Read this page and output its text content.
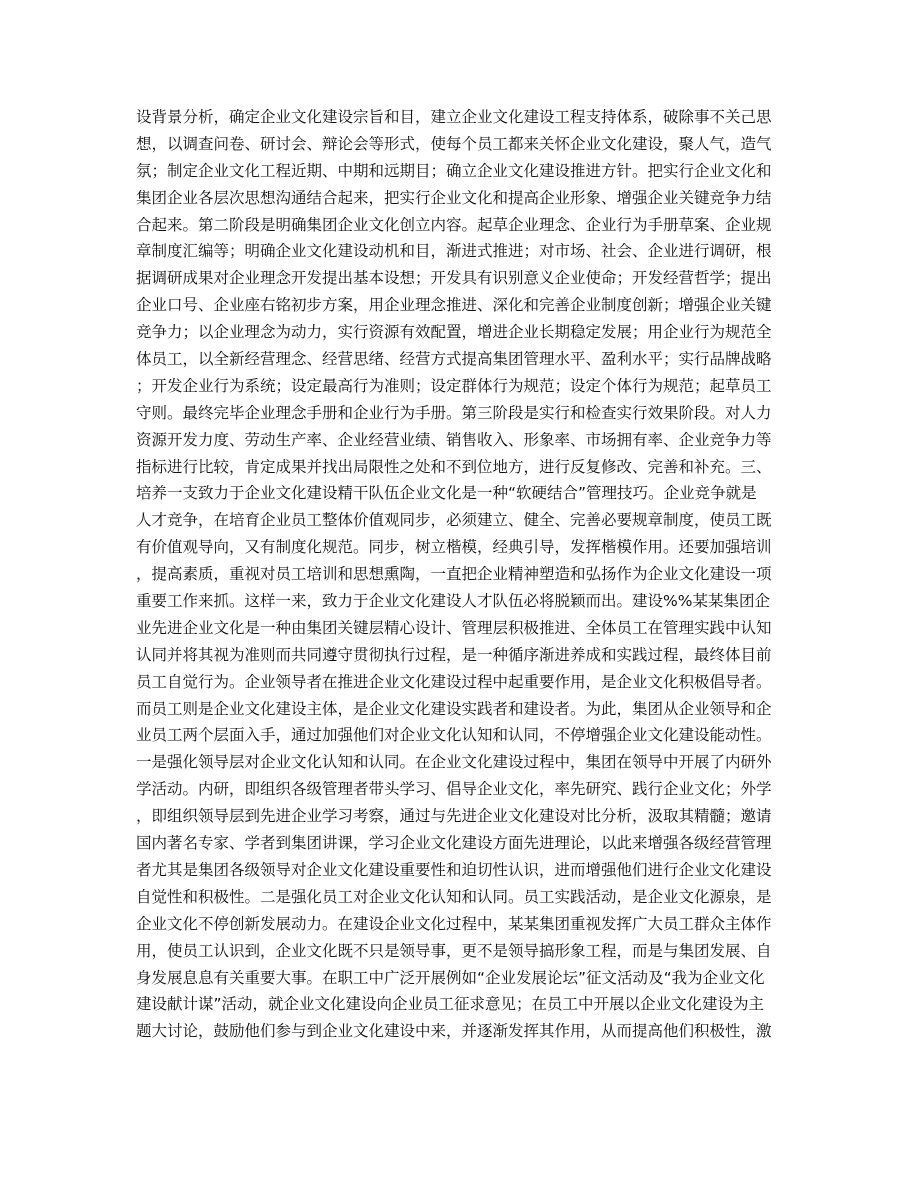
设背景分析，确定企业文化建设宗旨和目，建立企业文化建设工程支持体系，破除事不关己思
想，以调查问卷、研讨会、辩论会等形式，使每个员工都来关怀企业文化建设，聚人气，造气
氛；制定企业文化工程近期、中期和远期目；确立企业文化建设推进方针。把实行企业文化和
集团企业各层次思想沟通结合起来，把实行企业文化和提高企业形象、增强企业关键竞争力结
合起来。第二阶段是明确集团企业文化创立内容。起草企业理念、企业行为手册草案、企业规
章制度汇编等；明确企业文化建设动机和目，渐进式推进；对市场、社会、企业进行调研，根
据调研成果对企业理念开发提出基本设想；开发具有识别意义企业使命；开发经营哲学；提出
企业口号、企业座右铭初步方案，用企业理念推进、深化和完善企业制度创新；增强企业关键
竞争力；以企业理念为动力，实行资源有效配置，增进企业长期稳定发展；用企业行为规范全
体员工，以全新经营理念、经营思绪、经营方式提高集团管理水平、盈利水平；实行品牌战略
；开发企业行为系统；设定最高行为准则；设定群体行为规范；设定个体行为规范；起草员工
守则。最终完毕企业理念手册和企业行为手册。第三阶段是实行和检查实行效果阶段。对人力
资源开发力度、劳动生产率、企业经营业绩、销售收入、形象率、市场拥有率、企业竞争力等
指标进行比较，肯定成果并找出局限性之处和不到位地方，进行反复修改、完善和补充。三、
培养一支致力于企业文化建设精干队伍企业文化是一种“软硬结合”管理技巧。企业竞争就是
人才竞争，在培育企业员工整体价值观同步，必须建立、健全、完善必要规章制度，使员工既
有价值观导向，又有制度化规范。同步，树立楷模，经典引导，发挥楷模作用。还要加强培训
，提高素质，重视对员工培训和思想熏陶，一直把企业精神塑造和弘扬作为企业文化建设一项
重要工作来抓。这样一来，致力于企业文化建设人才队伍必将脱颖而出。建设%%某某集团企
业先进企业文化是一种由集团关键层精心设计、管理层积极推进、全体员工在管理实践中认知
认同并将其视为准则而共同遵守贯彻执行过程，是一种循序渐进养成和实践过程，最终体目前
员工自觉行为。企业领导者在推进企业文化建设过程中起重要作用，是企业文化积极倡导者。
而员工则是企业文化建设主体，是企业文化建设实践者和建设者。为此，集团从企业领导和企
业员工两个层面入手，通过加强他们对企业文化认知和认同，不停增强企业文化建设能动性。
一是强化领导层对企业文化认知和认同。在企业文化建设过程中，集团在领导中开展了内研外
学活动。内研，即组织各级管理者带头学习、倡导企业文化，率先研究、践行企业文化；外学
，即组织领导层到先进企业学习考察，通过与先进企业文化建设对比分析，汲取其精髓；邀请
国内著名专家、学者到集团讲课，学习企业文化建设方面先进理论，以此来增强各级经营管理
者尤其是集团各级领导对企业文化建设重要性和迫切性认识，进而增强他们进行企业文化建设
自觉性和积极性。二是强化员工对企业文化认知和认同。员工实践活动，是企业文化源泉，是
企业文化不停创新发展动力。在建设企业文化过程中，某某集团重视发挥广大员工群众主体作
用，使员工认识到，企业文化既不只是领导事，更不是领导搞形象工程，而是与集团发展、自
身发展息息有关重要大事。在职工中广泛开展例如“企业发展论坛”征文活动及“我为企业文化
建设献计谋”活动，就企业文化建设向企业员工征求意见；在员工中开展以企业文化建设为主
题大讨论，鼓励他们参与到企业文化建设中来，并逐渐发挥其作用，从而提高他们积极性，激
